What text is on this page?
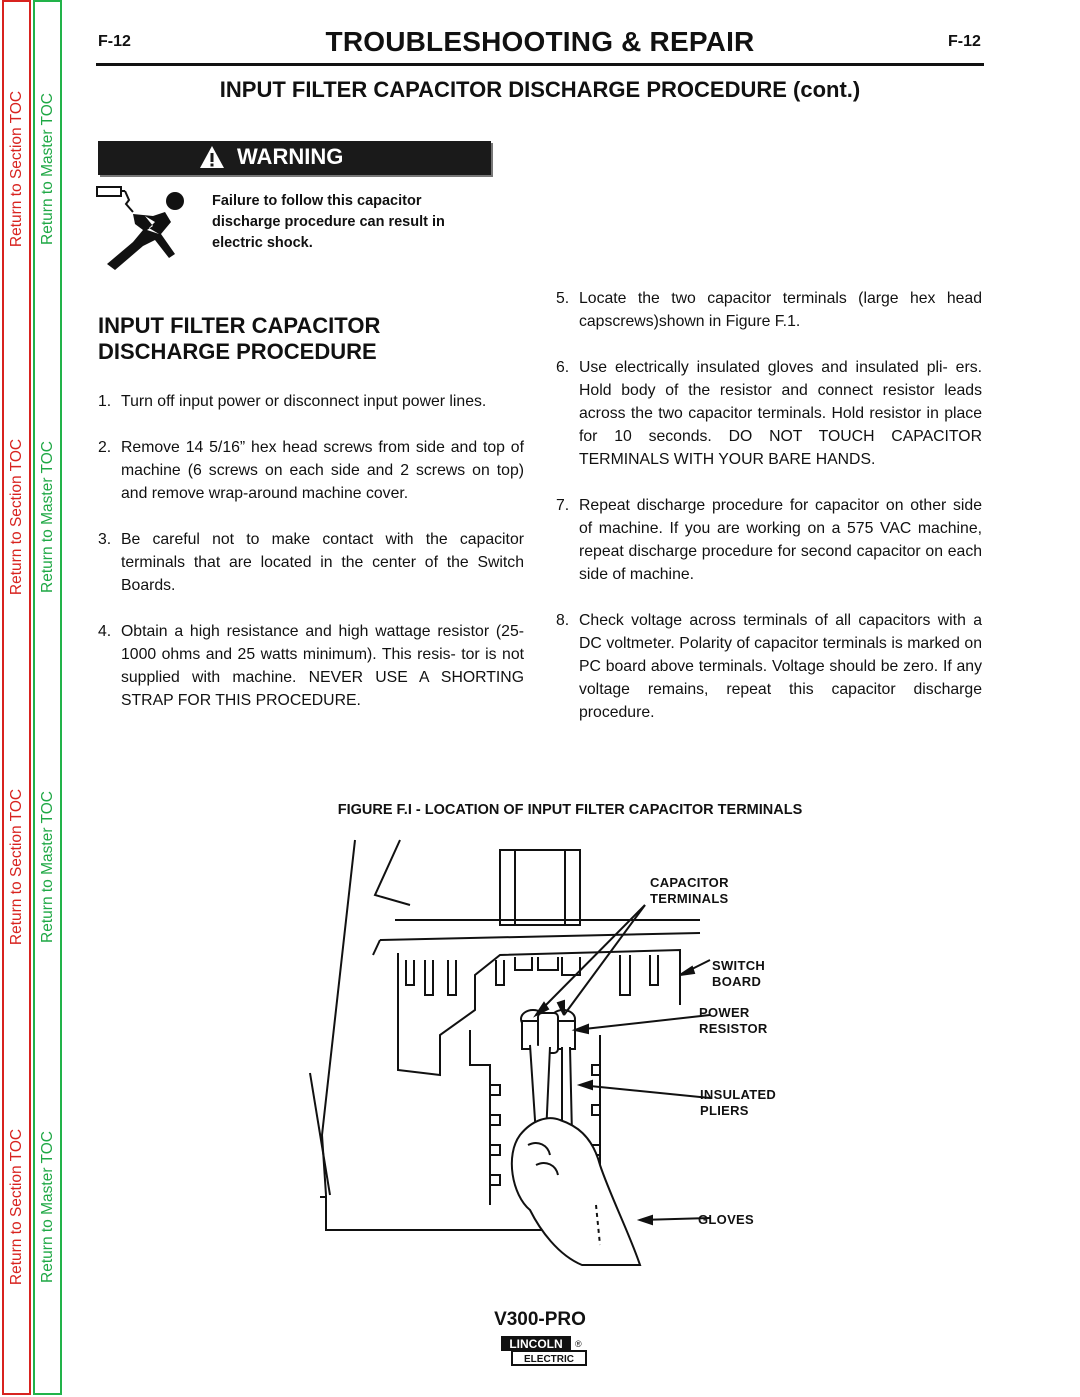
Return to Section TOC
Return to Section TOC
Return to Section TOC
Return to Section TOC
Return to Master TOC
Return to Master TOC
Return to Master TOC
Return to Master TOC
F-12	TROUBLESHOOTING & REPAIR	F-12
INPUT FILTER CAPACITOR DISCHARGE PROCEDURE (cont.)
WARNING
Failure to follow this capacitor discharge procedure can result in electric shock.
INPUT FILTER CAPACITOR
DISCHARGE PROCEDURE
1. Turn off input power or disconnect input power lines.
2. Remove 14 5/16” hex head screws from side and top of machine (6 screws on each side and 2 screws on top) and remove wrap-around machine cover.
3. Be careful not to make contact with the capacitor terminals that are located in the center of the Switch Boards.
4. Obtain a high resistance and high wattage resistor (25-1000 ohms and 25 watts minimum). This resis- tor is not supplied with machine. NEVER USE A SHORTING STRAP FOR THIS PROCEDURE.
5. Locate the two capacitor terminals (large hex head capscrews)shown in Figure F.1.
6. Use electrically insulated gloves and insulated pli- ers. Hold body of the resistor and connect resistor leads across the two capacitor terminals. Hold resistor in place for 10 seconds. DO NOT TOUCH CAPACITOR TERMINALS WITH YOUR BARE HANDS.
7. Repeat discharge procedure for capacitor on other side of machine. If you are working on a 575 VAC machine, repeat discharge procedure for second capacitor on each side of machine.
8. Check voltage across terminals of all capacitors with a DC voltmeter. Polarity of capacitor terminals is marked on PC board above terminals. Voltage should be zero. If any voltage remains, repeat this capacitor discharge procedure.
FIGURE F.I - LOCATION OF INPUT FILTER CAPACITOR TERMINALS
CAPACITOR
TERMINALS
SWITCH
BOARD
POWER
RESISTOR
INSULATED
PLIERS
GLOVES
V300-PRO
LINCOLN
ELECTRIC
®
